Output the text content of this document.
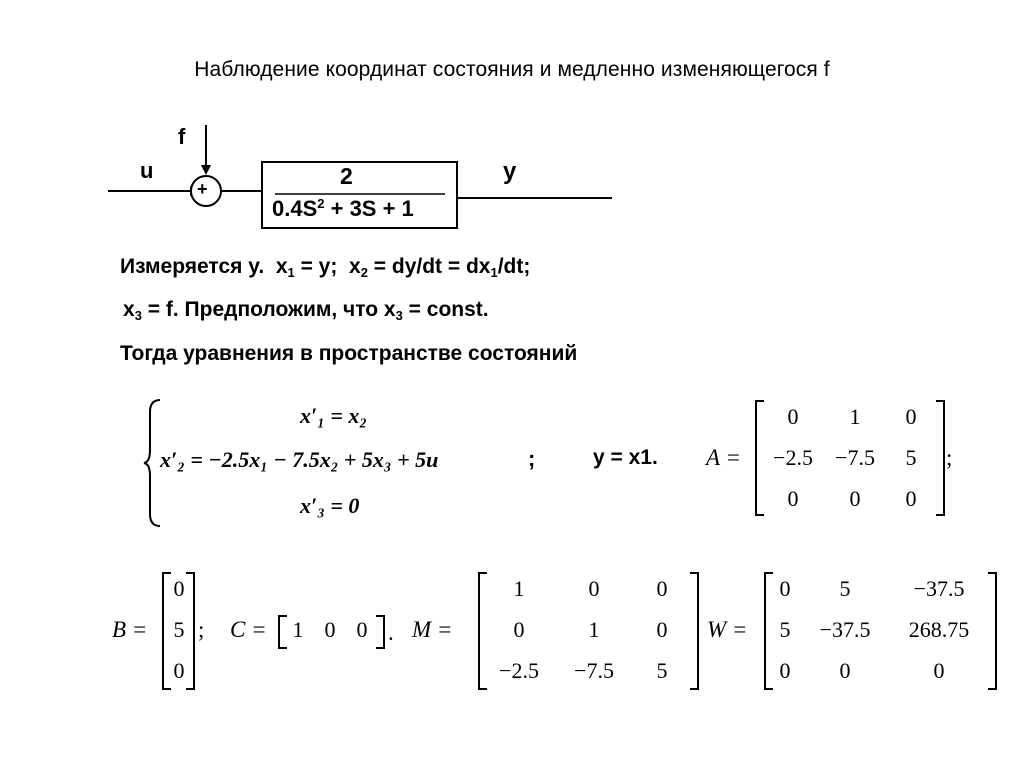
Наблюдение координат состояния и медленно изменяющегося f
u
f
+	2
$0.4S^2 + 3S + 1$
y
Измеряется y.  $x_1 = y$;  $x_2 = dy/dt = dx_1/dt$;
$x_3 = f$. Предположим, что $x_3$ = const.
Тогда уравнения в пространстве состояний
x′₁ = x₂
x′₂ = −2.5x₁ − 7.5x₂ + 5x₃ + 5u	;
x′₃ = 0
y = x1. A =
0	1	0
−2.5	−7.5	5
0	0	0
;
B =
0
5
0
; C =	1 0 0 . M =
1	0	0
0	1	0
−2.5	−7.5	5
W =
0	5	−37.5
5	−37.5	268.75
0	0	0
